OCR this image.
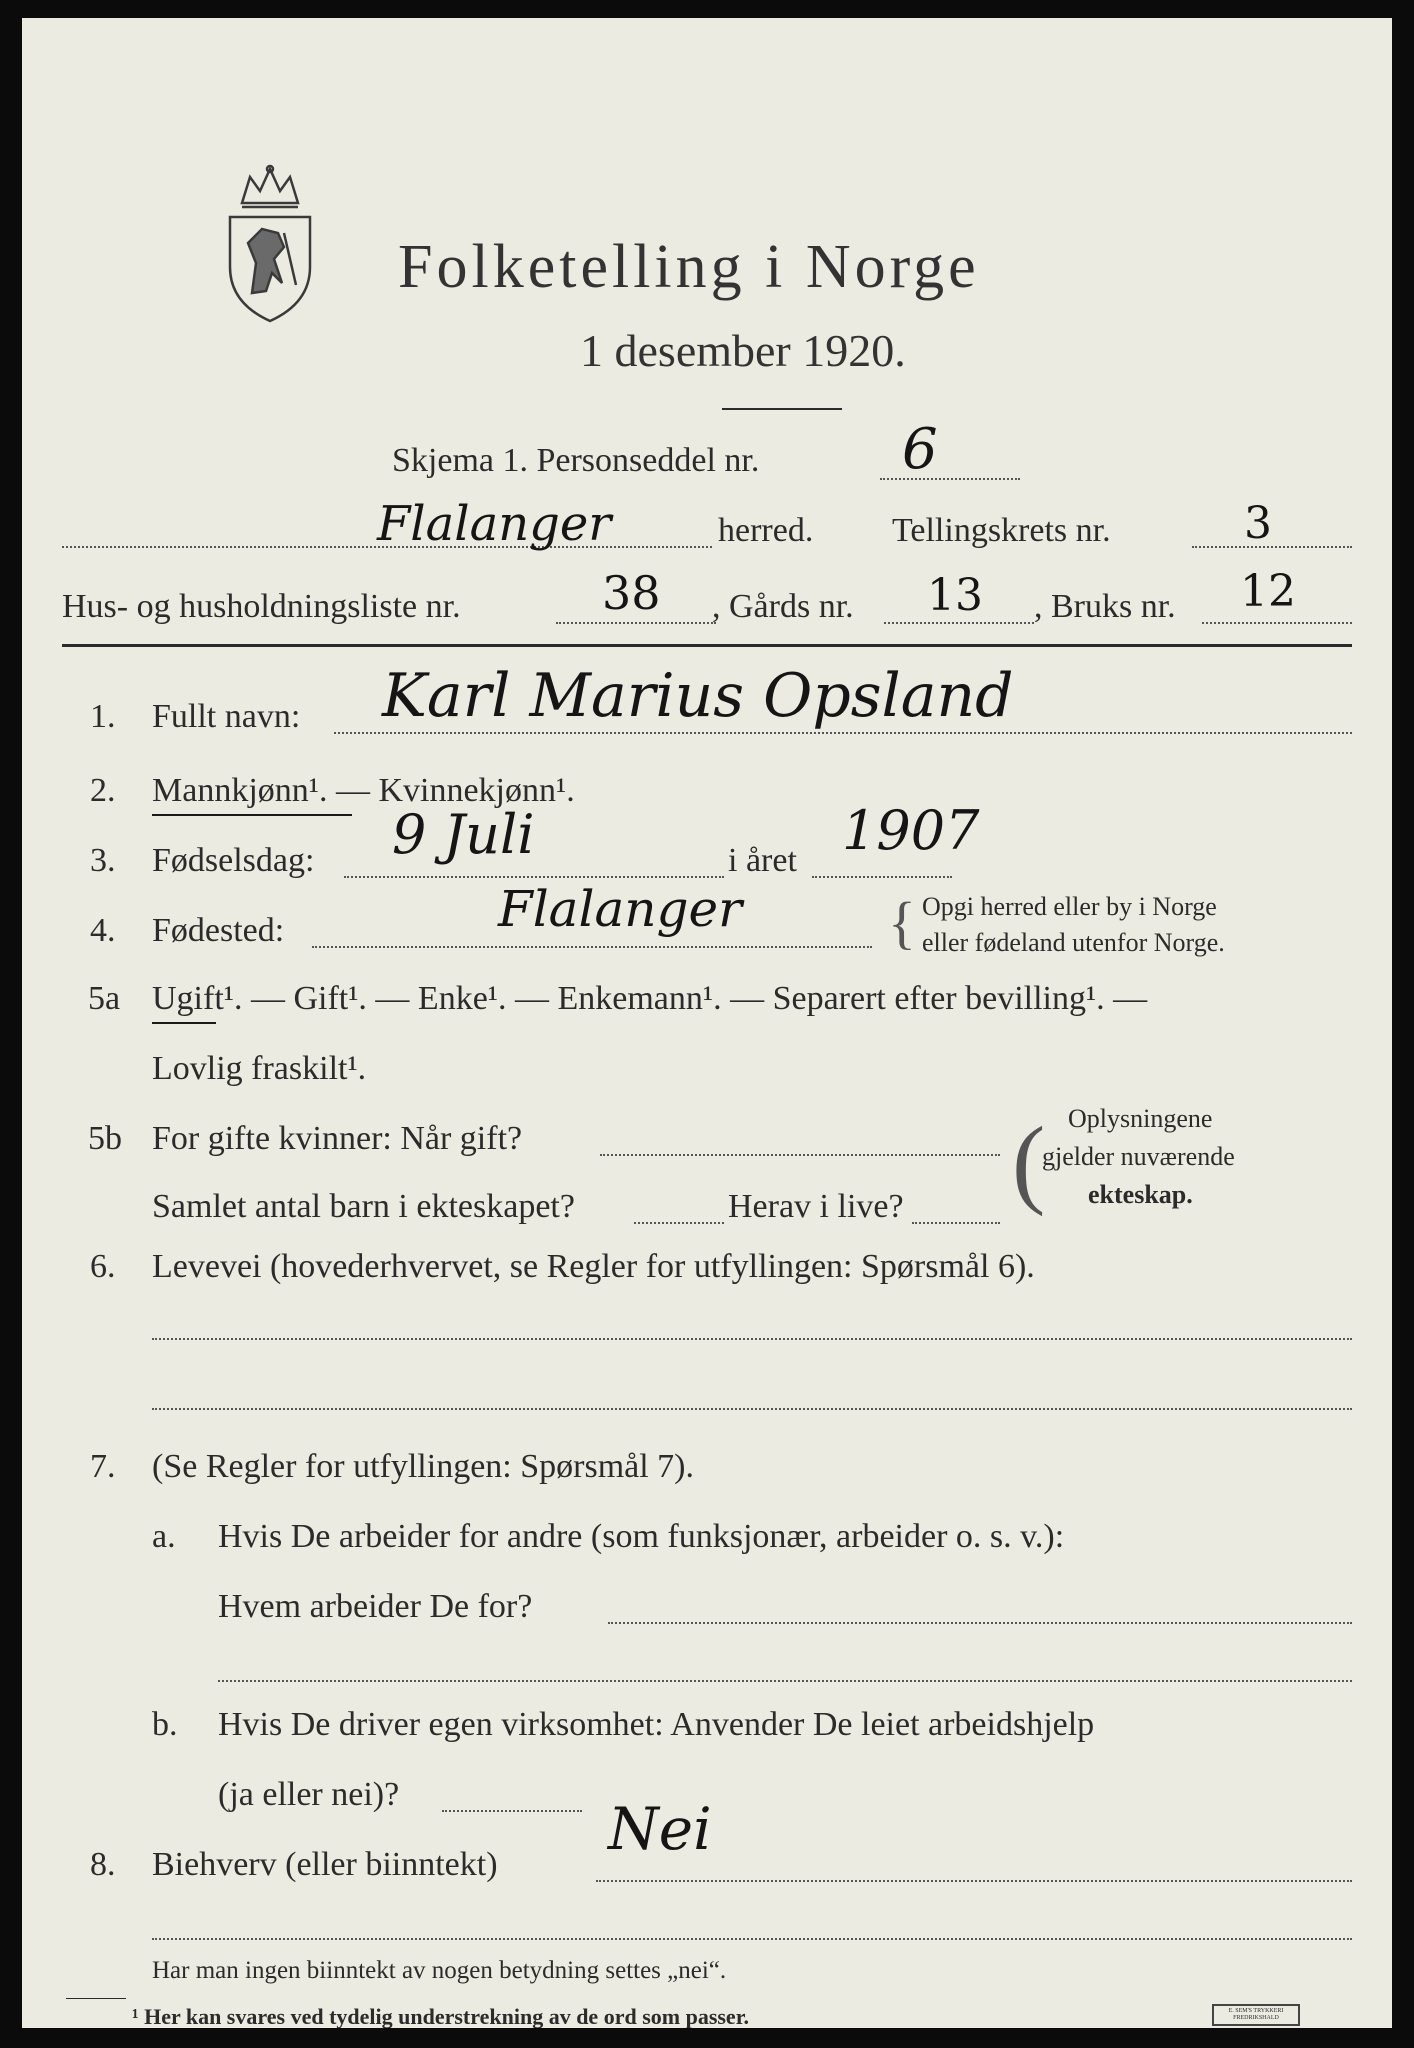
Folketelling i Norge
1 desember 1920.
Skjema 1. Personseddel nr.	6
Flalanger	herred. Tellingskrets nr.	3
Hus- og husholdningsliste nr.	38 , Gårds nr. 13 , Bruks nr. 12
1. Fullt navn: Karl Marius Opsland
2. Mannkjønn¹. — Kvinnekjønn¹.
3. Fødselsdag: 9 Juli	i året 1907
4. Fødested:	Flalanger	{ Opgi herred eller by i Norge
eller fødeland utenfor Norge.
5a Ugift¹. — Gift¹. — Enke¹. — Enkemann¹. — Separert efter bevilling¹. —
Lovlig fraskilt¹.
5b For gifte kvinner: Når gift?
Samlet antal barn i ekteskapet?	Herav i live? ( Oplysningene
gjelder nuværende
ekteskap.
6. Levevei (hovederhvervet, se Regler for utfyllingen: Spørsmål 6).
7. (Se Regler for utfyllingen: Spørsmål 7).
a. Hvis De arbeider for andre (som funksjonær, arbeider o. s. v.):
Hvem arbeider De for?
b. Hvis De driver egen virksomhet: Anvender De leiet arbeidshjelp
(ja eller nei)?
8. Biehverv (eller biinntekt)
Nei
Har man ingen biinntekt av nogen betydning settes „nei“.
¹ Her kan svares ved tydelig understrekning av de ord som passer.	E. SEM'S TRYKKERI FREDRIKSHALD
